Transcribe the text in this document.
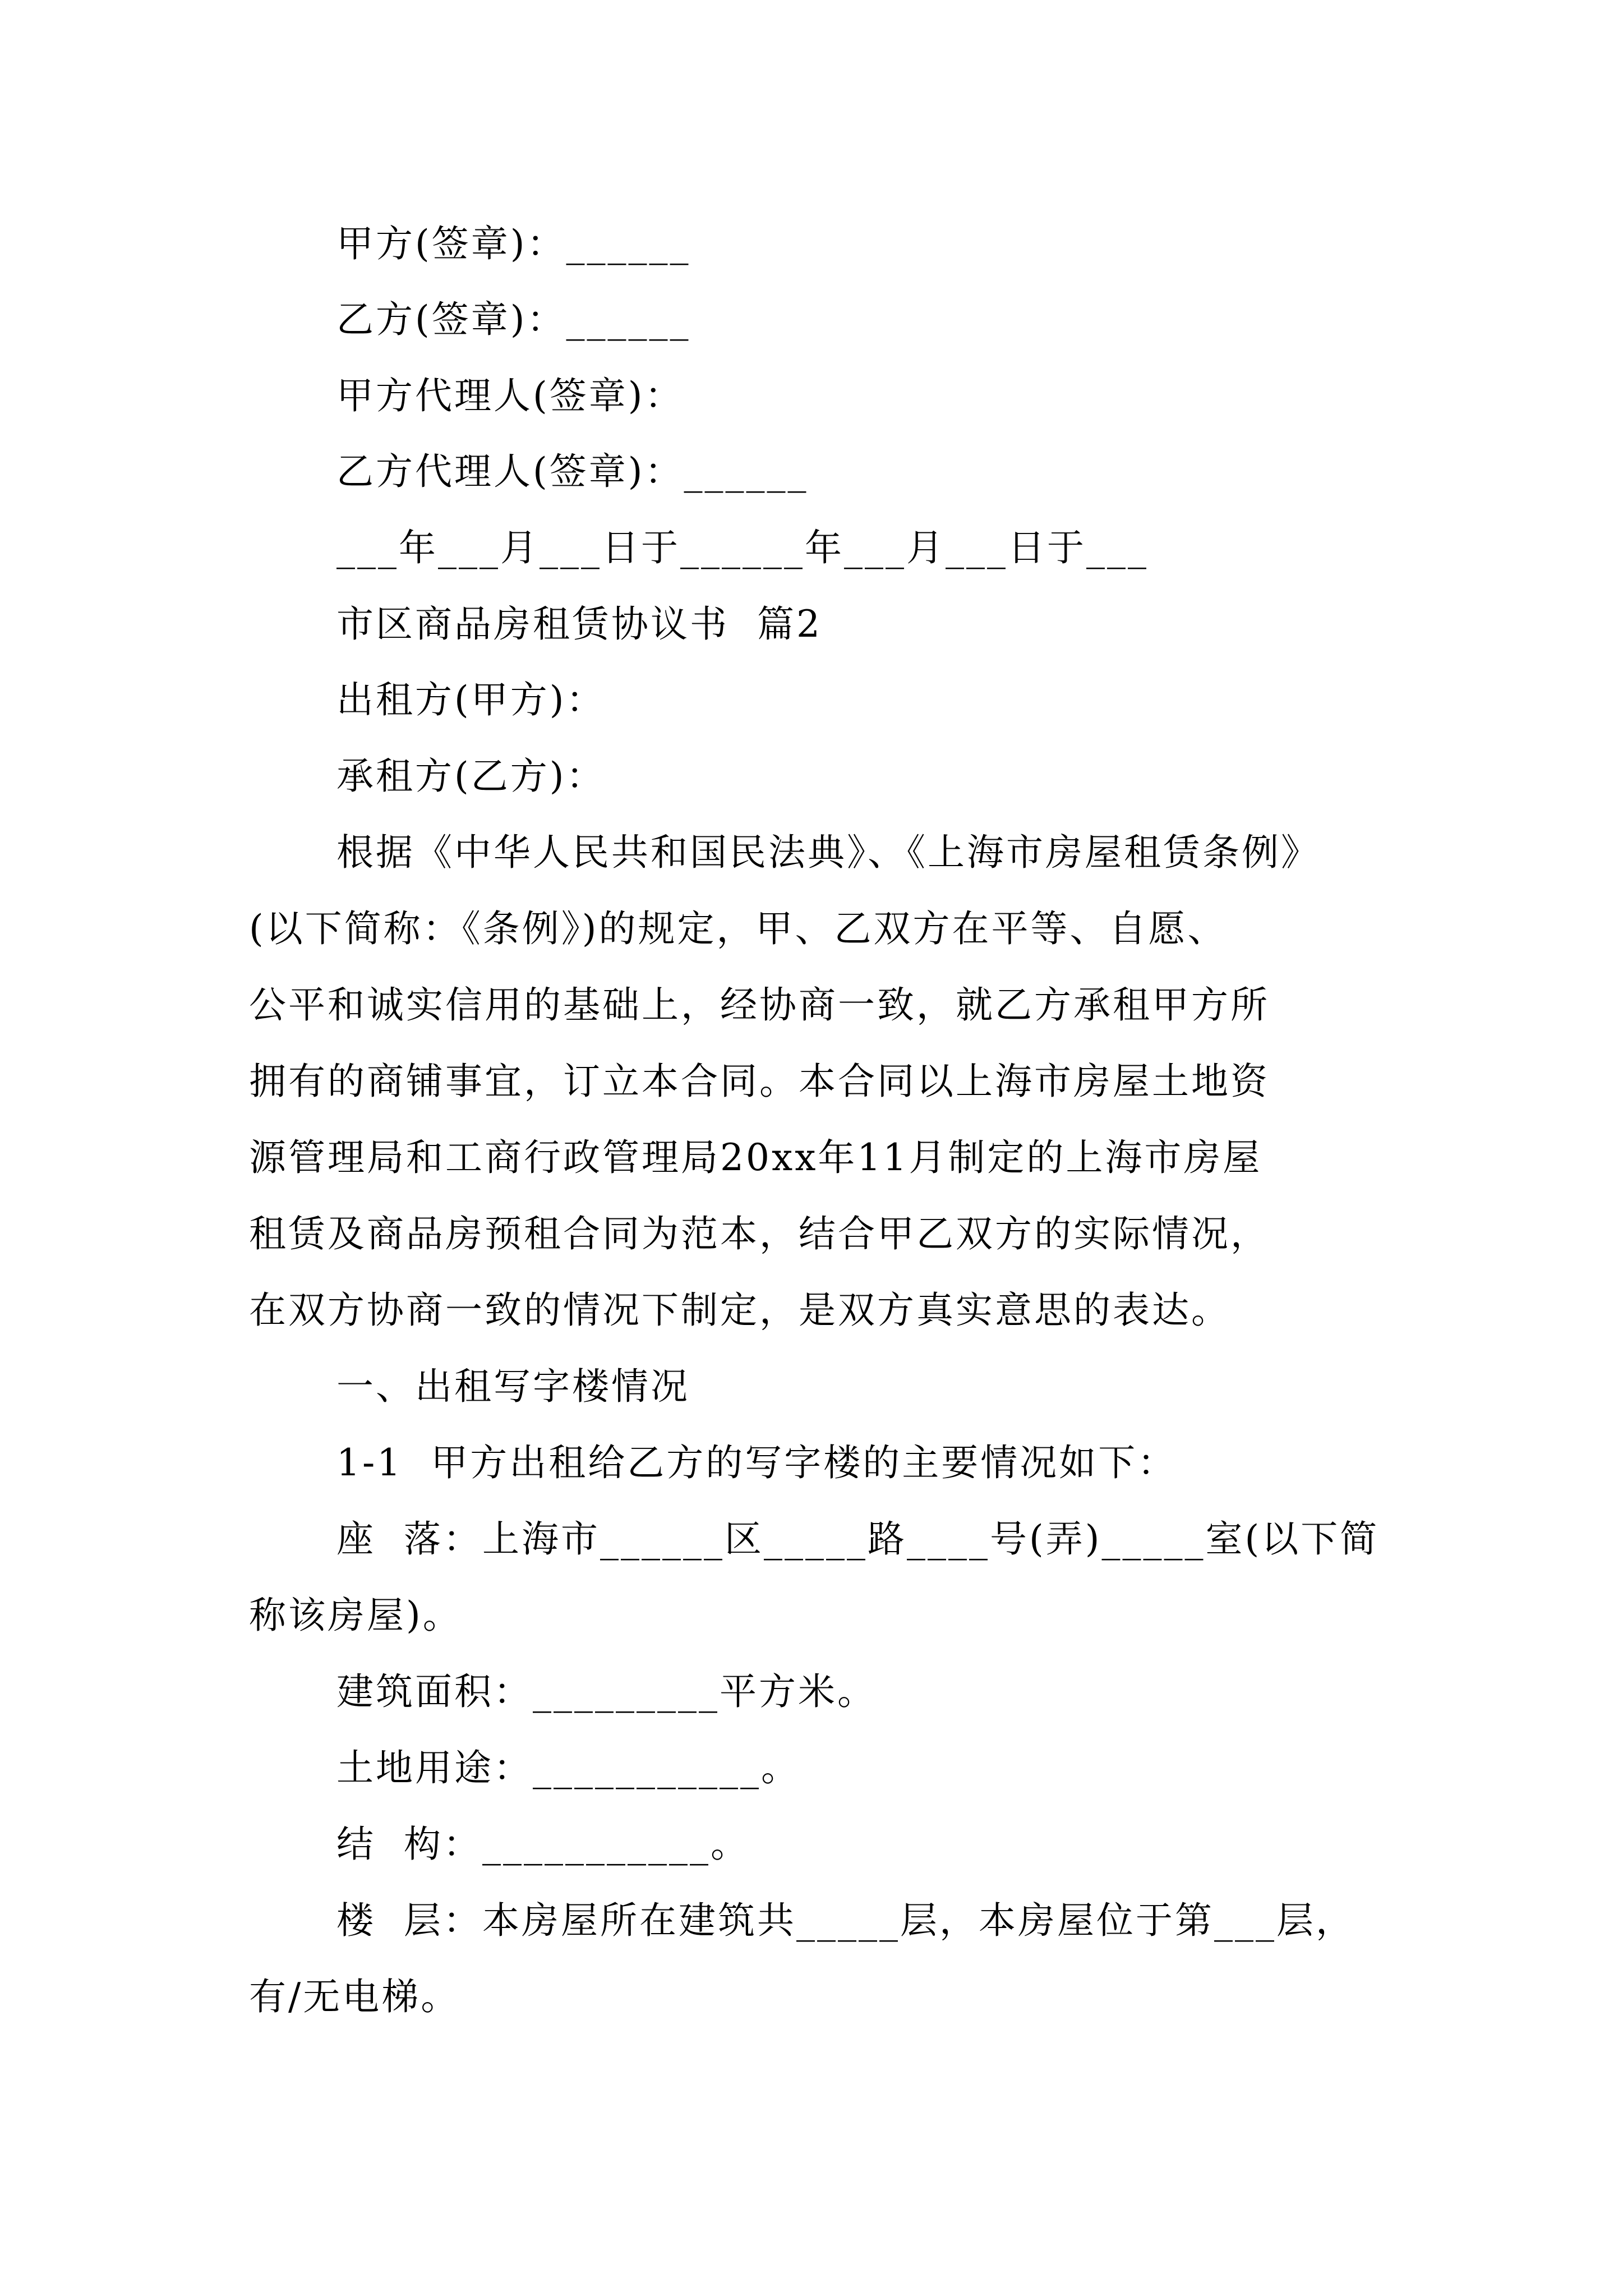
甲方(签章)：______
乙方(签章)：______
甲方代理人(签章)：
乙方代理人(签章)：______
___年___月___日于______年___月___日于___
市区商品房租赁协议书  篇2
出租方(甲方)：
承租方(乙方)：
根据《中华人民共和国民法典》、《上海市房屋租赁条例》
(以下简称：《条例》)的规定，甲、乙双方在平等、自愿、
公平和诚实信用的基础上，经协商一致，就乙方承租甲方所
拥有的商铺事宜，订立本合同。本合同以上海市房屋土地资
源管理局和工商行政管理局20xx年11月制定的上海市房屋
租赁及商品房预租合同为范本，结合甲乙双方的实际情况，
在双方协商一致的情况下制定，是双方真实意思的表达。
一、出租写字楼情况
1-1  甲方出租给乙方的写字楼的主要情况如下：
座  落：上海市______区_____路____号(弄)_____室(以下简
称该房屋)。
建筑面积：_________平方米。
土地用途：___________。
结  构：___________。
楼  层：本房屋所在建筑共_____层，本房屋位于第___层，
有/无电梯。
